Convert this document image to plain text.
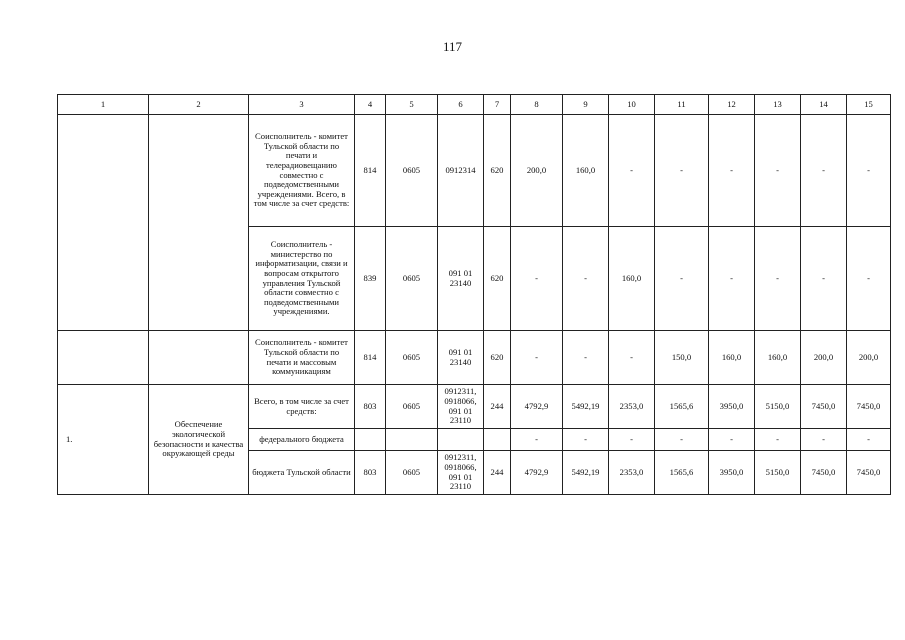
117
1	2	3	4	5	6	7	8	9	10	11	12	13	14	15
		Соисполнитель - комитет Тульской области по печати и телерадиовещанию совместно с подведомственными учреждениями. Всего, в том числе за счет средств:	814	0605	0912314	620	200,0	160,0	-	-	-	-	-	-
		Соисполнитель - министерство по информатизации, связи и вопросам открытого управления Тульской области совместно с подведомственными учреждениями.	839	0605	091 01 23140	620	-	-	160,0	-	-	-	-	-
		Соисполнитель - комитет Тульской области по печати и массовым коммуникациям	814	0605	091 01 23140	620	-	-	-	150,0	160,0	160,0	200,0	200,0
1.	Обеспечение экологической безопасности и качества окружающей среды	Всего, в том числе за счет средств:	803	0605	0912311, 0918066, 091 01 23110	244	4792,9	5492,19	2353,0	1565,6	3950,0	5150,0	7450,0	7450,0
		федерального бюджета					-	-	-	-	-	-	-	-
		бюджета Тульской области	803	0605	0912311, 0918066, 091 01 23110	244	4792,9	5492,19	2353,0	1565,6	3950,0	5150,0	7450,0	7450,0
